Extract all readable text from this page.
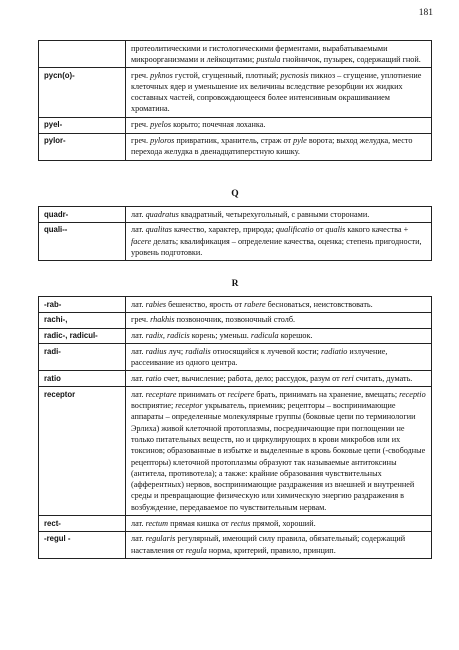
181
	протеолитическими и гистологическими ферментами, вырабатываемыми микроорганизмами и лейкоцитами; pustula гнойничок, пузырек, содержащий гной.
pycn(o)-	греч. pyknos густой, сгущенный, плотный; pycnosis пикноз – сгущение, уплотнение клеточных ядер и уменьшение их величины вследствие резорбции их жидких составных частей, сопровождающееся более интенсивным окрашиванием хроматина.
pyel-	греч. pyelos корыто; почечная лоханка.
pylor-	греч. pyloros привратник, хранитель, страж от pyle ворота; выход желудка, место перехода желудка в двенадцатиперстную кишку.
Q
quadr-	лат. quadratus квадратный, четырехугольный, с равными сторонами.
quali--	лат. qualitas качество, характер, природа; qualificatio от qualis какого качества + facere делать; квалификация – определение качества, оценка; степень пригодности, уровень подготовки.
R
-rab-	лат. rabies бешенство, ярость от rabere бесноваться, неистовствовать.
rachi-,	греч. rhakhis позвоночник, позвоночный столб.
radic-, radicul-	лат. radix, radicis корень; уменьш. radicula корешок.
radi-	лат. radius луч; radialis относящийся к лучевой кости; radiatio излучение, рассеивание из одного центра.
ratio	лат. ratio счет, вычисление; работа, дело; рассудок, разум от reri считать, думать.
receptor	лат. receptare принимать от recipere брать, принимать на хранение, вмещать; receptio восприятие; receptor укрыватель, приемник; рецепторы – воспринимающие аппараты – определенные молекулярные группы (боковые цепи по терминологии Эрлиха) живой клеточной протоплазмы, посредничающие при поглощении не только питательных веществ, но и циркулирующих в крови микробов или их токсинов; образованные в избытке и выделенные в кровь боковые цепи (-свободные рецепторы) клеточной протоплазмы образуют так называемые антитоксины (антитела, противотела); а также: крайние образования чувствительных (афферентных) нервов, воспринимающие раздражения из внешней и внутренней среды и превращающие физическую или химическую энергию раздражения в возбуждение, передаваемое по чувствительным нервам.
rect-	лат. rectum прямая кишка от rectus прямой, хороший.
-regul -	лат. regularis регулярный, имеющий силу правила, обязательный; содержащий наставления от regula норма, критерий, правило, принцип.
